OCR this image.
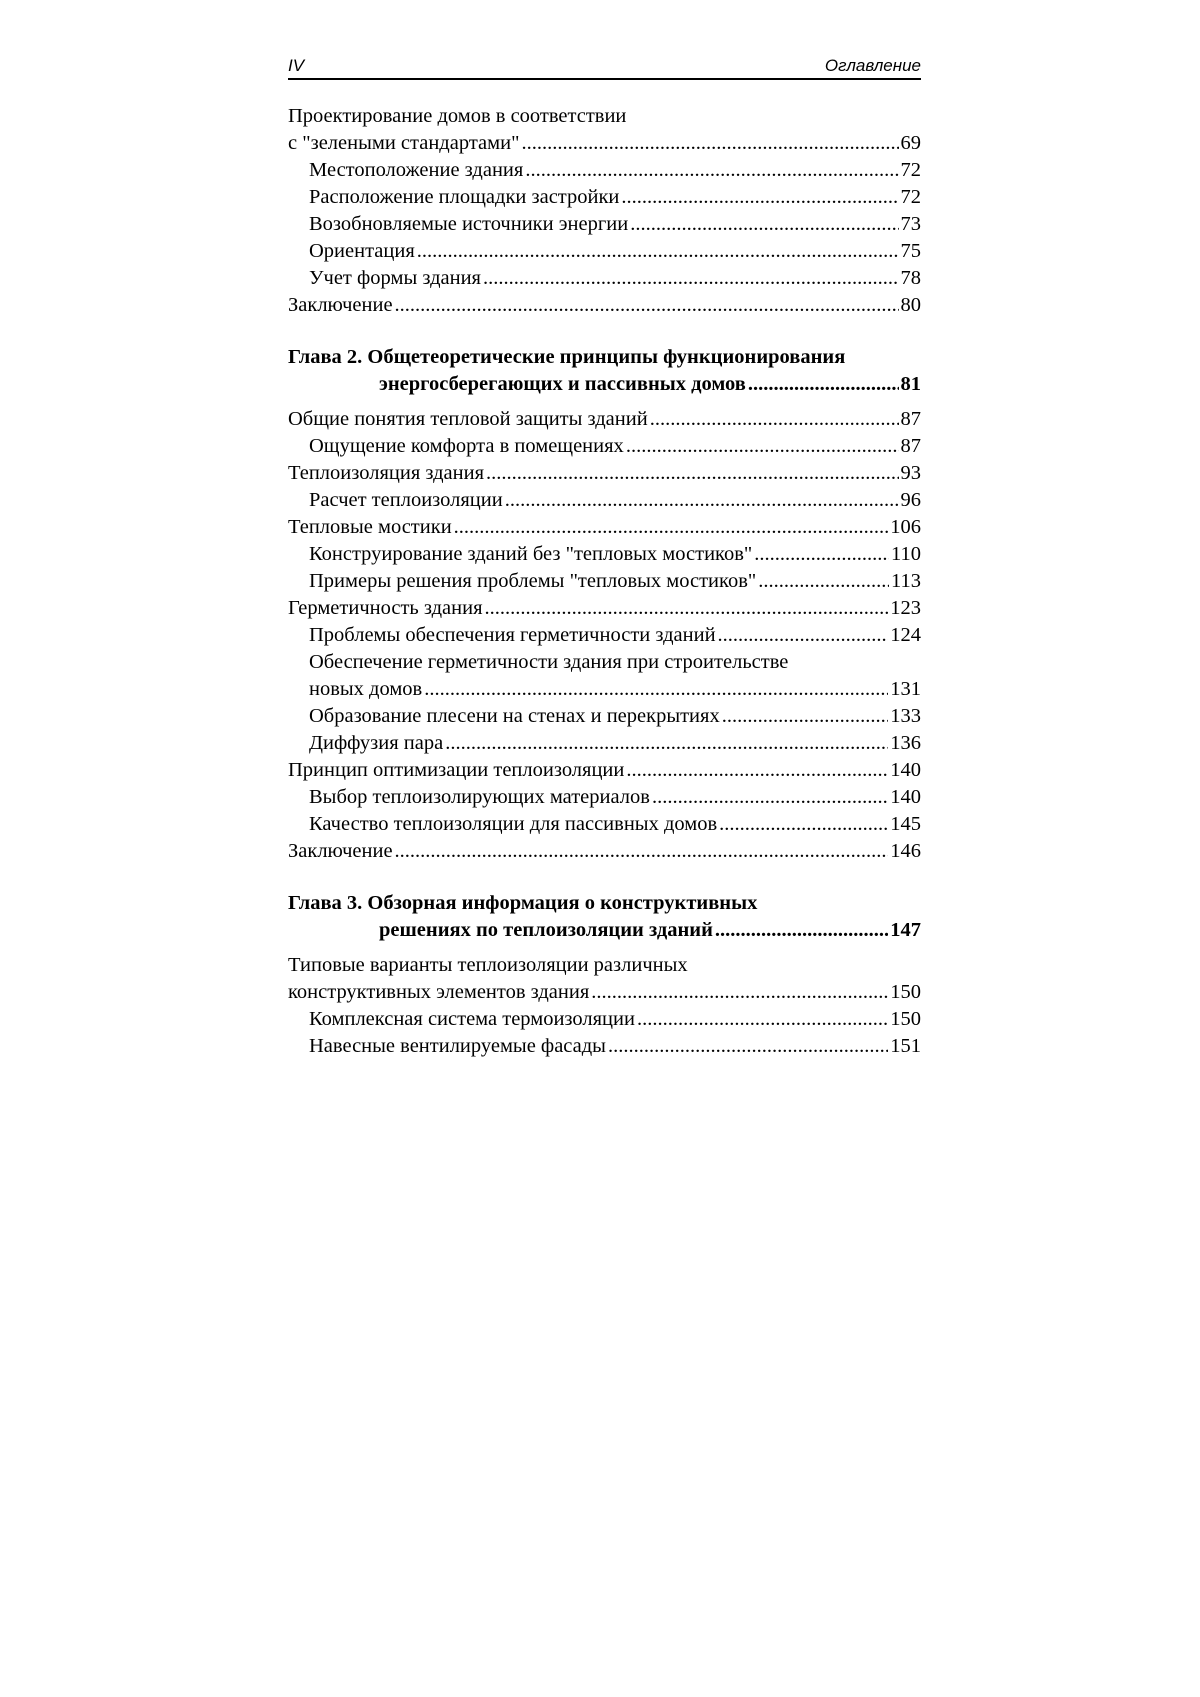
IV	Оглавление
Проектирование домов в соответствии
с "зелеными стандартами" .....	69
Местоположение здания .....	72
Расположение площадки застройки .....	72
Возобновляемые источники энергии .....	73
Ориентация .....	75
Учет формы здания .....	78
Заключение .....	80
Глава 2. Общетеоретические принципы функционирования
энергосберегающих и пассивных домов .....	81
Общие понятия тепловой защиты зданий .....	87
Ощущение комфорта в помещениях .....	87
Теплоизоляция здания .....	93
Расчет теплоизоляции .....	96
Тепловые мостики .....	106
Конструирование зданий без "тепловых мостиков" .....	110
Примеры решения проблемы "тепловых мостиков" .....	113
Герметичность здания .....	123
Проблемы обеспечения герметичности зданий .....	124
Обеспечение герметичности здания при строительстве
новых домов .....	131
Образование плесени на стенах и перекрытиях .....	133
Диффузия пара .....	136
Принцип оптимизации теплоизоляции .....	140
Выбор теплоизолирующих материалов .....	140
Качество теплоизоляции для пассивных домов .....	145
Заключение .....	146
Глава 3. Обзорная информация о конструктивных
решениях по теплоизоляции зданий .....	147
Типовые варианты теплоизоляции различных
конструктивных элементов здания .....	150
Комплексная система термоизоляции .....	150
Навесные вентилируемые фасады .....	151
